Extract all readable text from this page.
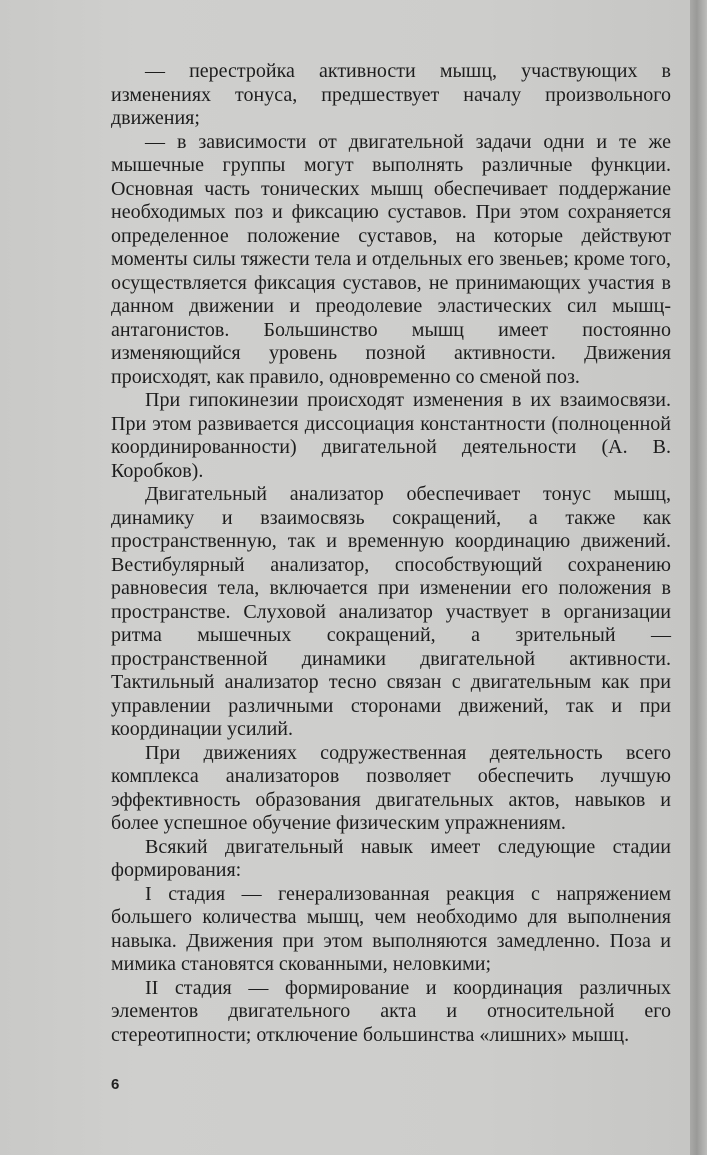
— перестройка активности мышц, участвующих в изменениях тонуса, предшествует началу произвольного движения;

— в зависимости от двигательной задачи одни и те же мышечные группы могут выполнять различные функции. Основная часть тонических мышц обеспечивает поддержание необходимых поз и фиксацию суставов. При этом сохраняется определенное положение суставов, на которые действуют моменты силы тяжести тела и отдельных его звеньев; кроме того, осуществляется фиксация суставов, не принимающих участия в данном движении и преодолевие эластических сил мышц-антагонистов. Большинство мышц имеет постоянно изменяющийся уровень позной активности. Движения происходят, как правило, одновременно со сменой поз.

При гипокинезии происходят изменения в их взаимосвязи. При этом развивается диссоциация константности (полноценной координированности) двигательной деятельности (А. В. Коробков).

Двигательный анализатор обеспечивает тонус мышц, динамику и взаимосвязь сокращений, а также как пространственную, так и временную координацию движений. Вестибулярный анализатор, способствующий сохранению равновесия тела, включается при изменении его положения в пространстве. Слуховой анализатор участвует в организации ритма мышечных сокращений, а зрительный — пространственной динамики двигательной активности. Тактильный анализатор тесно связан с двигательным как при управлении различными сторонами движений, так и при координации усилий.

При движениях содружественная деятельность всего комплекса анализаторов позволяет обеспечить лучшую эффективность образования двигательных актов, навыков и более успешное обучение физическим упражнениям.

Всякий двигательный навык имеет следующие стадии формирования:

I стадия — генерализованная реакция с напряжением большего количества мышц, чем необходимо для выполнения навыка. Движения при этом выполняются замедленно. Поза и мимика становятся скованными, неловкими;

II стадия — формирование и координация различных элементов двигательного акта и относительной его стереотипности; отключение большинства «лишних» мышц.

6
